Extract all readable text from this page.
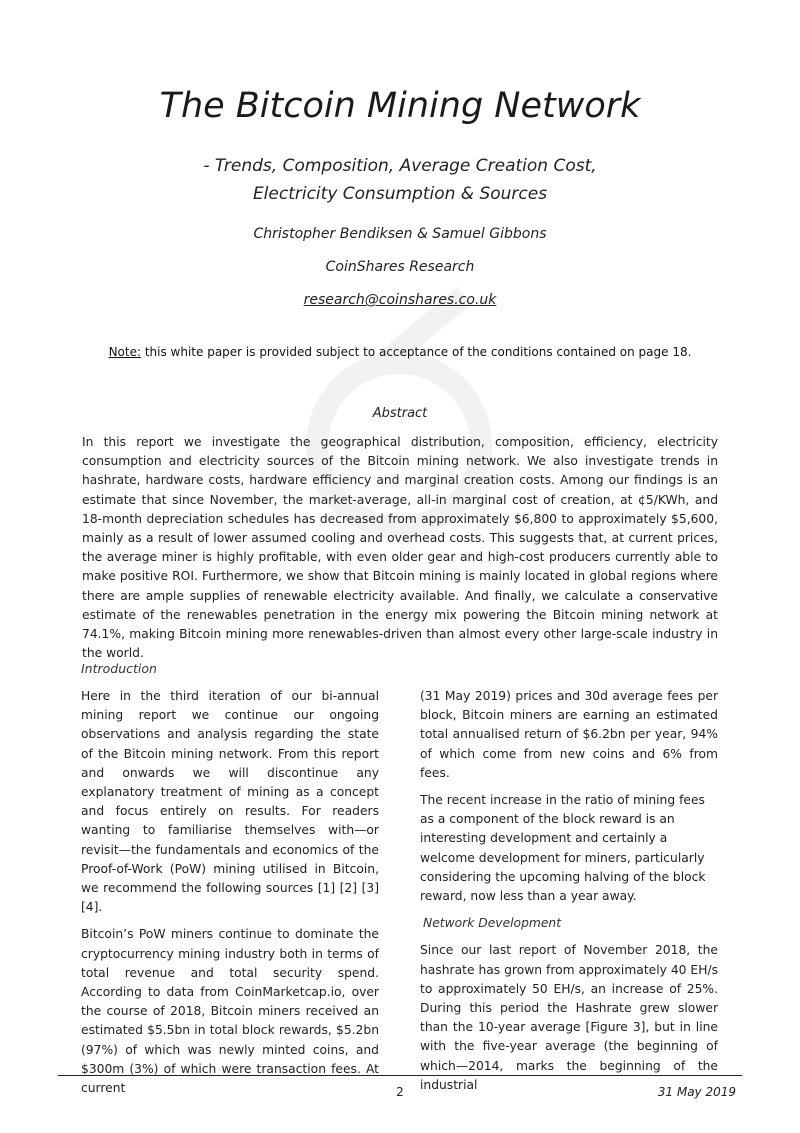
The Bitcoin Mining Network
- Trends, Composition, Average Creation Cost,
Electricity Consumption & Sources
Christopher Bendiksen & Samuel Gibbons
CoinShares Research
research@coinshares.co.uk
Note: this white paper is provided subject to acceptance of the conditions contained on page 18.
Abstract
In this report we investigate the geographical distribution, composition, efficiency, electricity consumption and electricity sources of the Bitcoin mining network. We also investigate trends in hashrate, hardware costs, hardware efficiency and marginal creation costs. Among our findings is an estimate that since November, the market-average, all-in marginal cost of creation, at ¢5/KWh, and 18-month depreciation schedules has decreased from approximately $6,800 to approximately $5,600, mainly as a result of lower assumed cooling and overhead costs. This suggests that, at current prices, the average miner is highly profitable, with even older gear and high-cost producers currently able to make positive ROI. Furthermore, we show that Bitcoin mining is mainly located in global regions where there are ample supplies of renewable electricity available. And finally, we calculate a conservative estimate of the renewables penetration in the energy mix powering the Bitcoin mining network at 74.1%, making Bitcoin mining more renewables-driven than almost every other large-scale industry in the world.
Introduction

Here in the third iteration of our bi-annual mining report we continue our ongoing observations and analysis regarding the state of the Bitcoin mining network. From this report and onwards we will discontinue any explanatory treatment of mining as a concept and focus entirely on results. For readers wanting to familiarise themselves with—or revisit—the fundamentals and economics of the Proof-of-Work (PoW) mining utilised in Bitcoin, we recommend the following sources [1] [2] [3] [4].

Bitcoin’s PoW miners continue to dominate the cryptocurrency mining industry both in terms of total revenue and total security spend. According to data from CoinMarketcap.io, over the course of 2018, Bitcoin miners received an estimated $5.5bn in total block rewards, $5.2bn (97%) of which was newly minted coins, and $300m (3%) of which were transaction fees. At current

(31 May 2019) prices and 30d average fees per block, Bitcoin miners are earning an estimated total annualised return of $6.2bn per year, 94% of which come from new coins and 6% from fees.

The recent increase in the ratio of mining fees as a component of the block reward is an interesting development and certainly a welcome development for miners, particularly considering the upcoming halving of the block reward, now less than a year away.

Network Development

Since our last report of November 2018, the hashrate has grown from approximately 40 EH/s to approximately 50 EH/s, an increase of 25%. During this period the Hashrate grew slower than the 10-year average [Figure 3], but in line with the five-year average (the beginning of which—2014, marks the beginning of the industrial

2	31 May 2019
